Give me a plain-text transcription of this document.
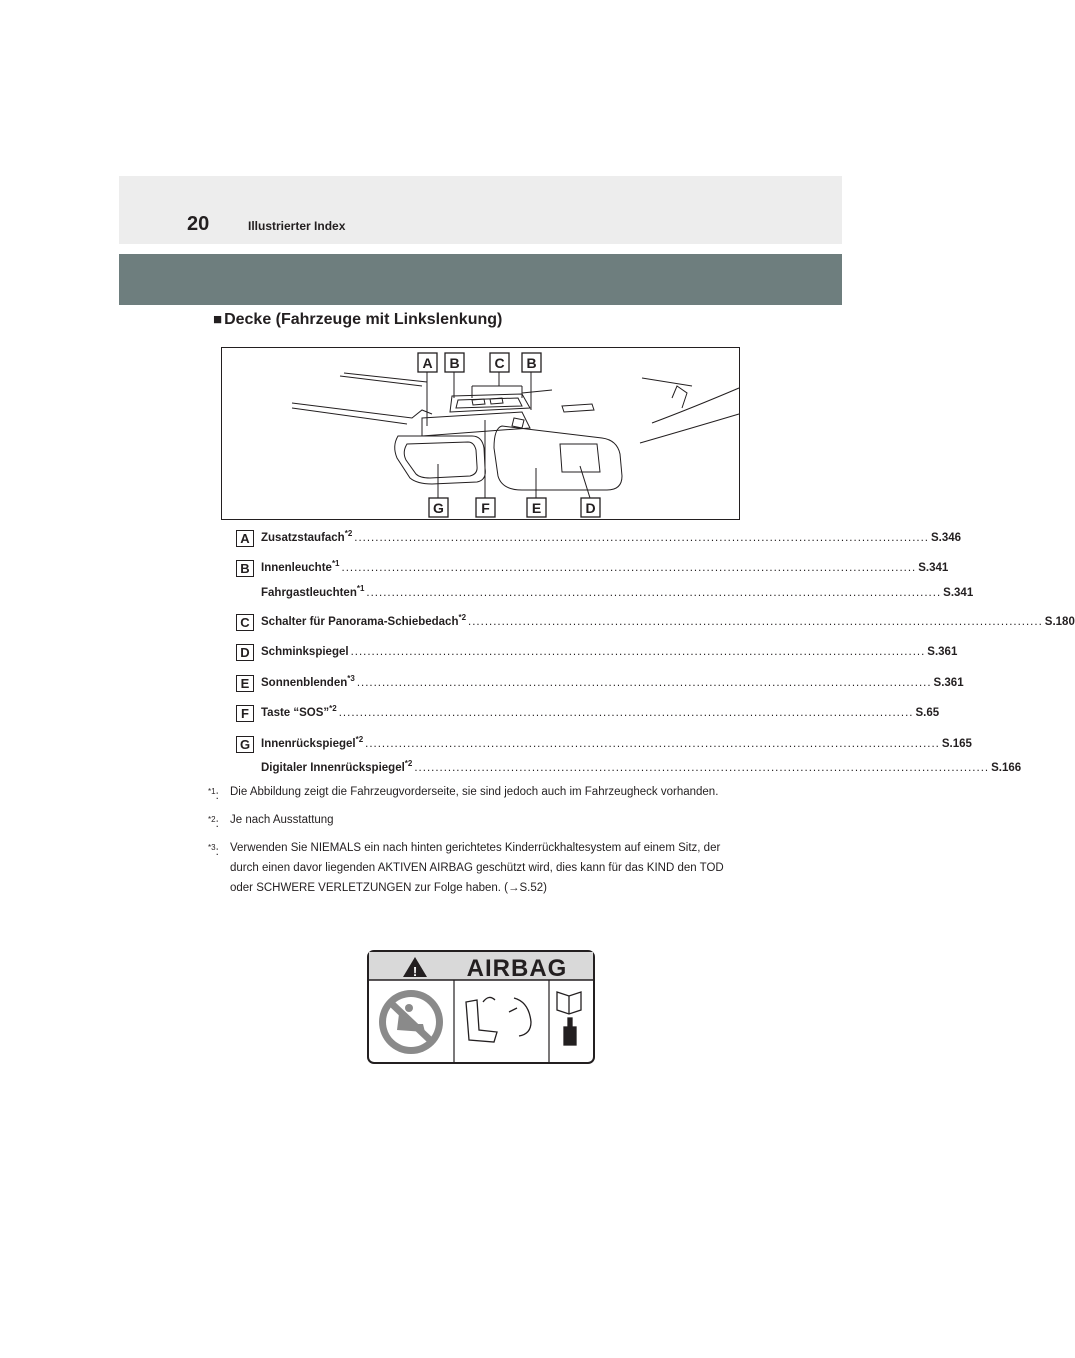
20	Illustrierter Index
■ Decke (Fahrzeuge mit Linkslenkung)
A B C B
G	F	E	D
A Zusatzstaufach$^{*2}$ ......................................................................................................................................... S.346
B Innenleuchte$^{*1}$ ......................................................................................................................................... S.341
Fahrgastleuchten$^{*1}$ ......................................................................................................................................... S.341
C Schalter für Panorama-Schiebedach$^{*2}$ ......................................................................................................................................... S.180
D Schminkspiegel ......................................................................................................................................... S.361
E	Sonnenblenden$^{*3}$ ......................................................................................................................................... S.361
F	Taste “SOS”$^{*2}$ ......................................................................................................................................... S.65
G Innenrückspiegel$^{*2}$ ......................................................................................................................................... S.165
Digitaler Innenrückspiegel$^{*2}$ ......................................................................................................................................... S.166
$^{*1}$: Die Abbildung zeigt die Fahrzeugvorderseite, sie sind jedoch auch im Fahrzeugheck vorhanden.
$^{*2}$: Je nach Ausstattung
$^{*3}$: Verwenden Sie NIEMALS ein nach hinten gerichtetes Kinderrückhaltesystem auf einem Sitz, der durch einen davor liegenden AKTIVEN AIRBAG geschützt wird, dies kann für das KIND den TOD oder SCHWERE VERLETZUNGEN zur Folge haben. (→S.52)
! AIRBAG
